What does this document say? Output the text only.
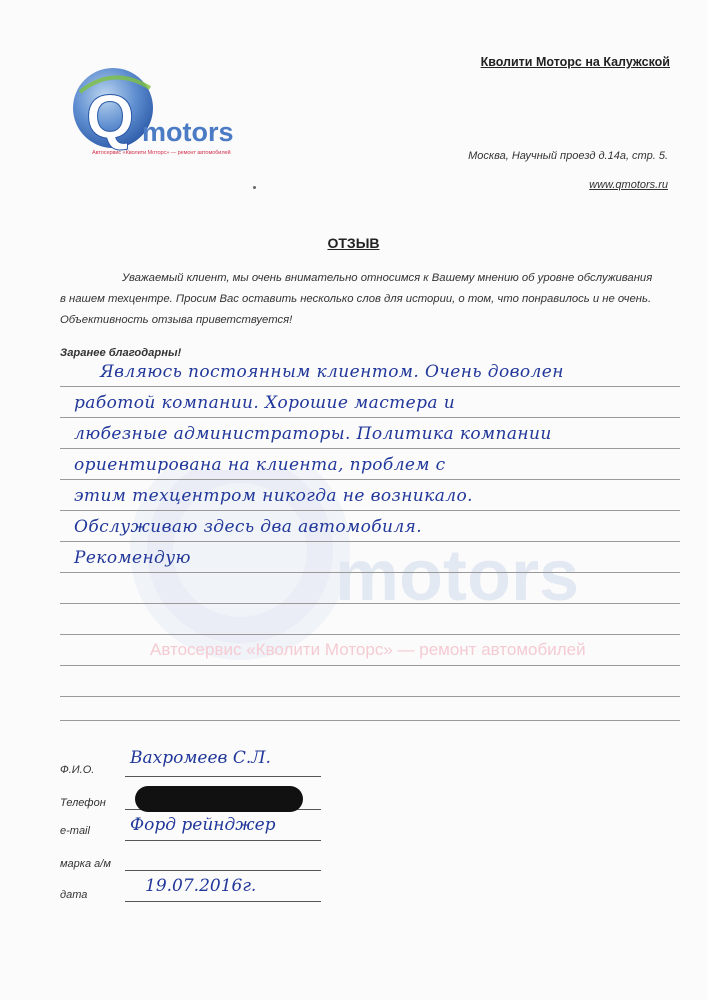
Кволити Моторс на Калужской
Москва, Научный проезд д.14а, стр. 5.
www.qmotors.ru
Q motors
Автосервис «Кволити Моторс» — ремонт автомобилей
ОТЗЫВ
Уважаемый клиент, мы очень внимательно относимся к Вашему мнению об уровне обслуживания в нашем техцентре. Просим Вас оставить несколько слов для истории, о том, что понравилось и не очень. Объективность отзыва приветствуется!
Заранее благодарны!
motors
Автосервис «Кволити Моторс» — ремонт автомобилей
Являюсь постоянным клиентом. Очень доволен
работой компании. Хорошие мастера и
любезные администраторы. Политика компании
ориентирована на клиента, проблем с
этим техцентром никогда не возникало.
Обслуживаю здесь два автомобиля.
Рекомендую
Ф.И.О.
Вахромеев С.Л.
Телефон
e-mail Форд рейнджер
марка а/м
дата	19.07.2016г.
